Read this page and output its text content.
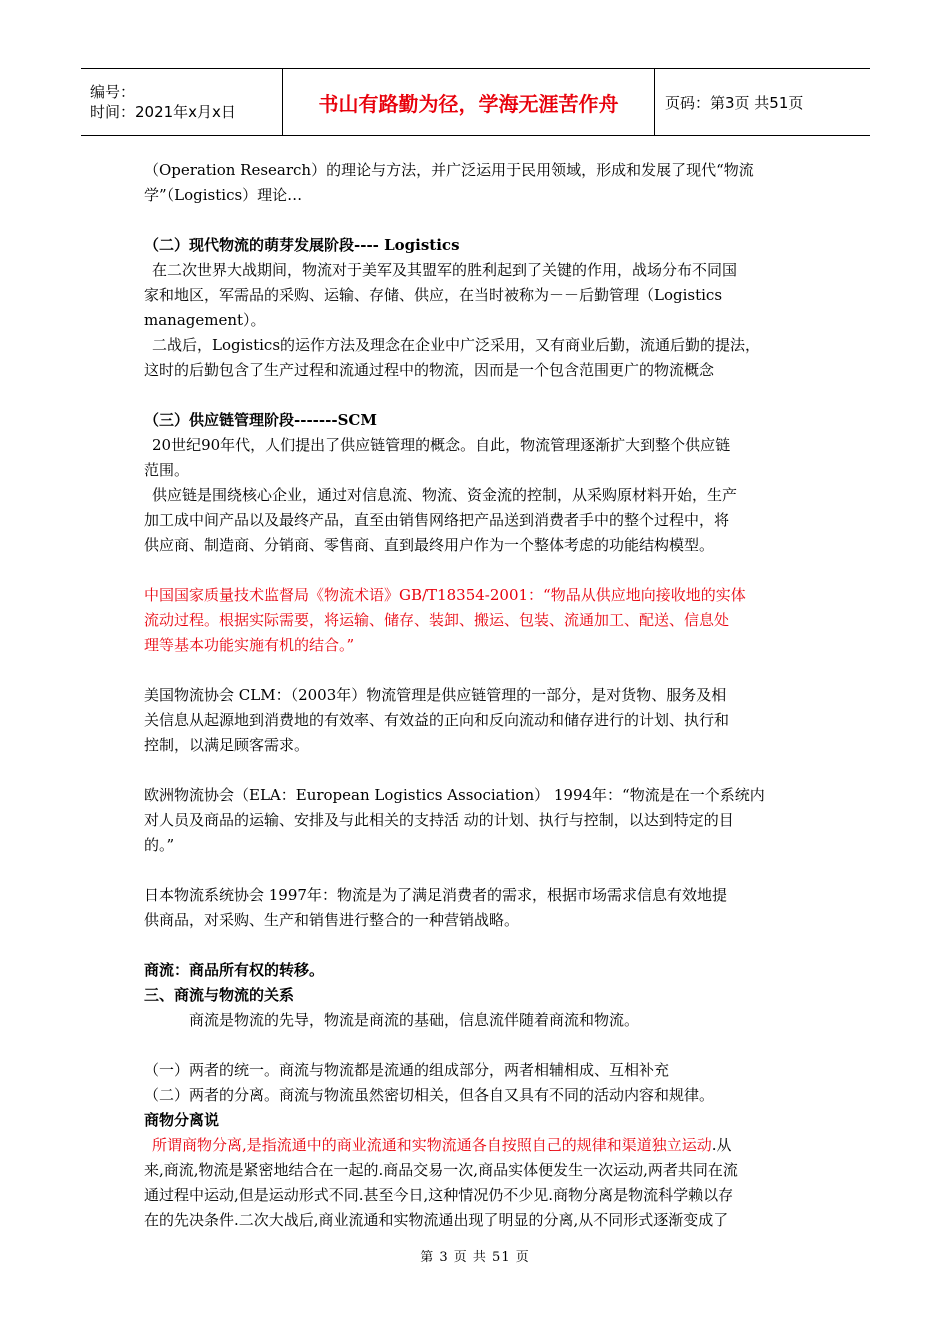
编号：
时间：2021年x月x日	书山有路勤为径，学海无涯苦作舟	页码：第3页 共51页

（Operation Research）的理论与方法，并广泛运用于民用领域，形成和发展了现代“物流

学”（Logistics）理论…

（二）现代物流的萌芽发展阶段---- Logistics

在二次世界大战期间，物流对于美军及其盟军的胜利起到了关键的作用，战场分布不同国

家和地区，军需品的采购、运输、存储、供应，在当时被称为－－后勤管理（Logistics

management）。

二战后，Logistics的运作方法及理念在企业中广泛采用，又有商业后勤，流通后勤的提法，

这时的后勤包含了生产过程和流通过程中的物流，因而是一个包含范围更广的物流概念

（三）供应链管理阶段-------SCM

20世纪90年代，人们提出了供应链管理的概念。自此，物流管理逐渐扩大到整个供应链

范围。

供应链是围绕核心企业，通过对信息流、物流、资金流的控制，从采购原材料开始，生产

加工成中间产品以及最终产品，直至由销售网络把产品送到消费者手中的整个过程中，将

供应商、制造商、分销商、零售商、直到最终用户作为一个整体考虑的功能结构模型。

中国国家质量技术监督局《物流术语》GB/T18354-2001：“物品从供应地向接收地的实体

流动过程。根据实际需要，将运输、储存、装卸、搬运、包装、流通加工、配送、信息处

理等基本功能实施有机的结合。”

美国物流协会 CLM：（2003年）物流管理是供应链管理的一部分，是对货物、服务及相

关信息从起源地到消费地的有效率、有效益的正向和反向流动和储存进行的计划、执行和

控制，以满足顾客需求。

欧洲物流协会（ELA：European Logistics Association） 1994年：“物流是在一个系统内

对人员及商品的运输、安排及与此相关的支持活 动的计划、执行与控制，以达到特定的目

的。”

日本物流系统协会 1997年：物流是为了满足消费者的需求，根据市场需求信息有效地提

供商品，对采购、生产和销售进行整合的一种营销战略。

商流：商品所有权的转移。

三、商流与物流的关系

商流是物流的先导，物流是商流的基础，信息流伴随着商流和物流。

（一）两者的统一。商流与物流都是流通的组成部分，两者相辅相成、互相补充

（二）两者的分离。商流与物流虽然密切相关，但各自又具有不同的活动内容和规律。

商物分离说

所谓商物分离,是指流通中的商业流通和实物流通各自按照自己的规律和渠道独立运动.从

来,商流,物流是紧密地结合在一起的.商品交易一次,商品实体便发生一次运动,两者共同在流

通过程中运动,但是运动形式不同.甚至今日,这种情况仍不少见.商物分离是物流科学赖以存

在的先决条件.二次大战后,商业流通和实物流通出现了明显的分离,从不同形式逐渐变成了

第 3 页 共 51 页
